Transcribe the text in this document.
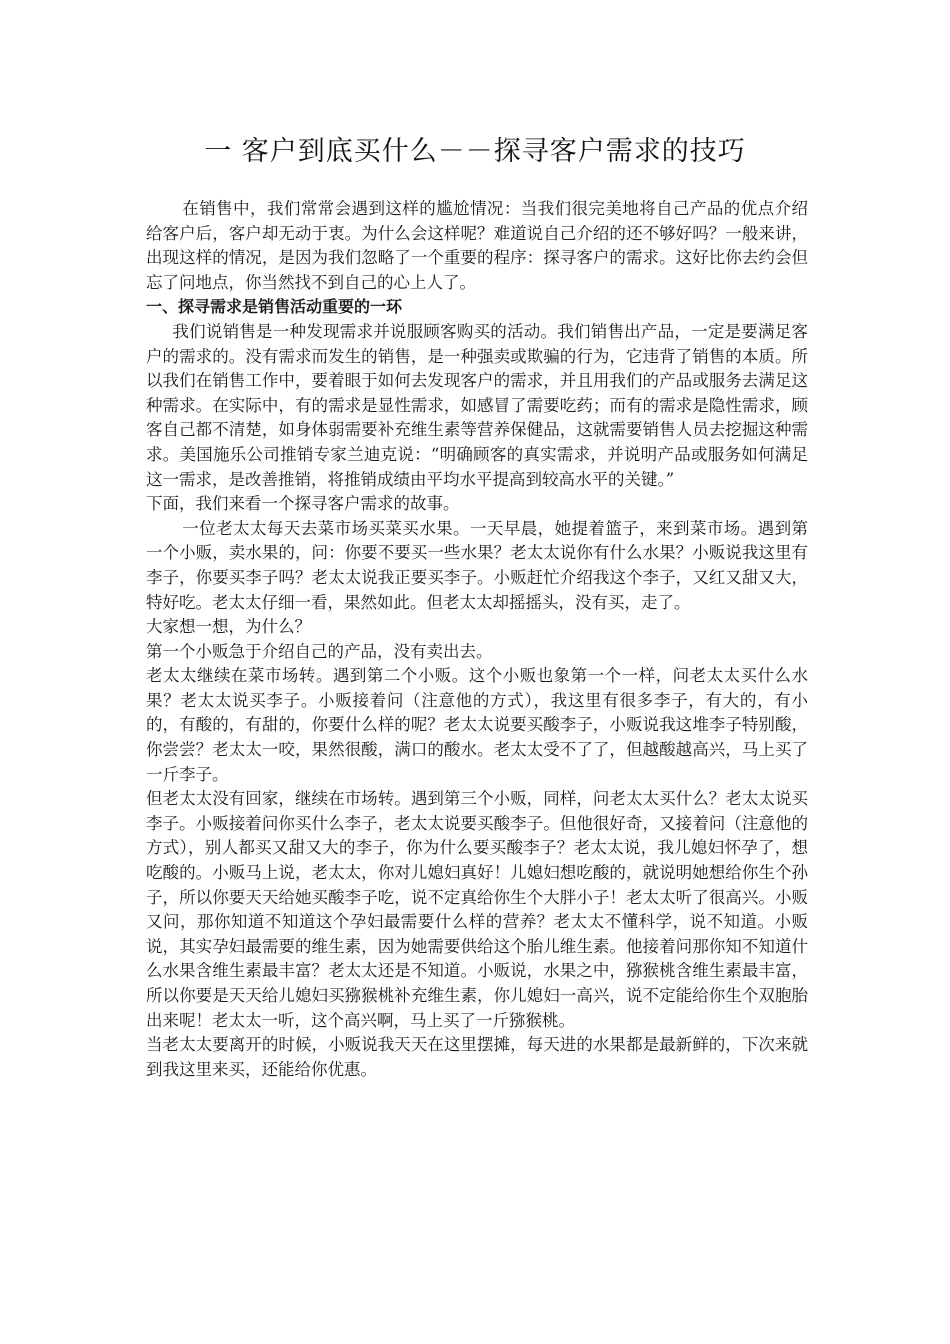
一 客户到底买什么－－探寻客户需求的技巧

在销售中，我们常常会遇到这样的尴尬情况：当我们很完美地将自己产品的优点介绍给客户后，客户却无动于衷。为什么会这样呢？难道说自己介绍的还不够好吗？一般来讲，出现这样的情况，是因为我们忽略了一个重要的程序：探寻客户的需求。这好比你去约会但忘了问地点，你当然找不到自己的心上人了。

一、探寻需求是销售活动重要的一环

我们说销售是一种发现需求并说服顾客购买的活动。我们销售出产品，一定是要满足客户的需求的。没有需求而发生的销售，是一种强卖或欺骗的行为，它违背了销售的本质。所以我们在销售工作中，要着眼于如何去发现客户的需求，并且用我们的产品或服务去满足这种需求。在实际中，有的需求是显性需求，如感冒了需要吃药；而有的需求是隐性需求，顾客自己都不清楚，如身体弱需要补充维生素等营养保健品，这就需要销售人员去挖掘这种需求。美国施乐公司推销专家兰迪克说：“明确顾客的真实需求，并说明产品或服务如何满足这一需求，是改善推销，将推销成绩由平均水平提高到较高水平的关键。”

下面，我们来看一个探寻客户需求的故事。

一位老太太每天去菜市场买菜买水果。一天早晨，她提着篮子，来到菜市场。遇到第一个小贩，卖水果的，问：你要不要买一些水果？老太太说你有什么水果？小贩说我这里有李子，你要买李子吗？老太太说我正要买李子。小贩赶忙介绍我这个李子，又红又甜又大，特好吃。老太太仔细一看，果然如此。但老太太却摇摇头，没有买，走了。

大家想一想，为什么？

第一个小贩急于介绍自己的产品，没有卖出去。

老太太继续在菜市场转。遇到第二个小贩。这个小贩也象第一个一样，问老太太买什么水果？老太太说买李子。小贩接着问（注意他的方式），我这里有很多李子，有大的，有小的，有酸的，有甜的，你要什么样的呢？老太太说要买酸李子，小贩说我这堆李子特别酸，你尝尝？老太太一咬，果然很酸，满口的酸水。老太太受不了了，但越酸越高兴，马上买了一斤李子。

但老太太没有回家，继续在市场转。遇到第三个小贩，同样，问老太太买什么？老太太说买李子。小贩接着问你买什么李子，老太太说要买酸李子。但他很好奇，又接着问（注意他的方式），别人都买又甜又大的李子，你为什么要买酸李子？老太太说，我儿媳妇怀孕了，想吃酸的。小贩马上说，老太太，你对儿媳妇真好！儿媳妇想吃酸的，就说明她想给你生个孙子，所以你要天天给她买酸李子吃，说不定真给你生个大胖小子！老太太听了很高兴。小贩又问，那你知道不知道这个孕妇最需要什么样的营养？老太太不懂科学，说不知道。小贩说，其实孕妇最需要的维生素，因为她需要供给这个胎儿维生素。他接着问那你知不知道什么水果含维生素最丰富？老太太还是不知道。小贩说，水果之中，猕猴桃含维生素最丰富，所以你要是天天给儿媳妇买猕猴桃补充维生素，你儿媳妇一高兴，说不定能给你生个双胞胎出来呢！老太太一听，这个高兴啊，马上买了一斤猕猴桃。

当老太太要离开的时候，小贩说我天天在这里摆摊，每天进的水果都是最新鲜的，下次来就到我这里来买，还能给你优惠。
